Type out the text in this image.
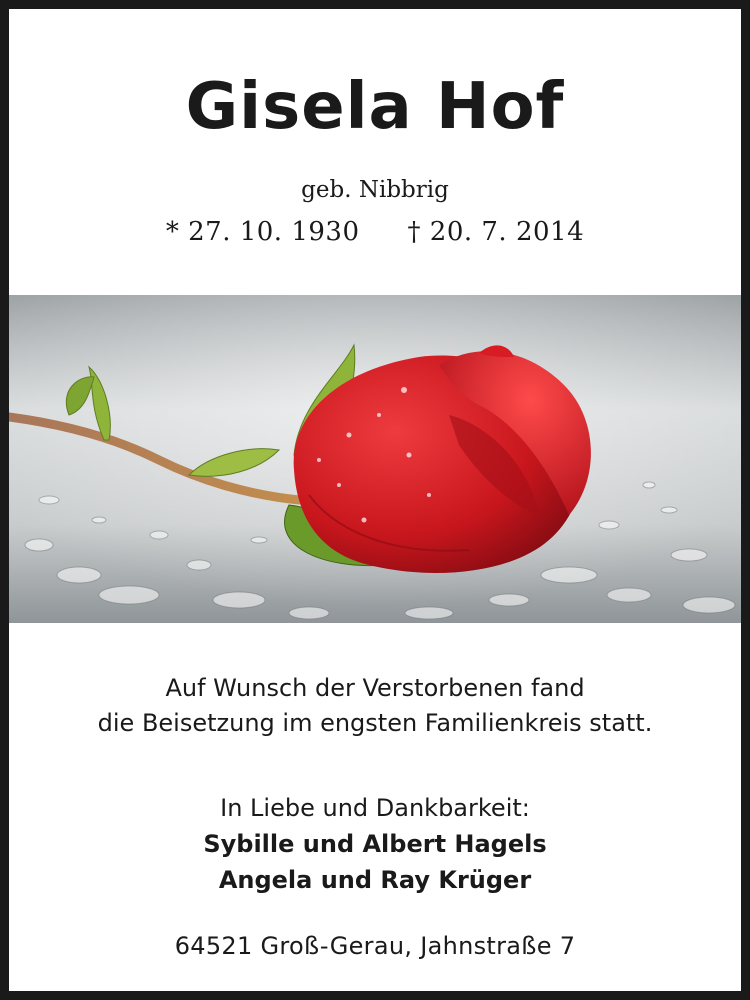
Gisela Hof
geb. Nibbrig
* 27. 10. 1930 † 20. 7. 2014
Auf Wunsch der Verstorbenen fand
die Beisetzung im engsten Familienkreis statt.
In Liebe und Dankbarkeit:
Sybille und Albert Hagels
Angela und Ray Krüger
64521 Groß-Gerau, Jahnstraße 7
